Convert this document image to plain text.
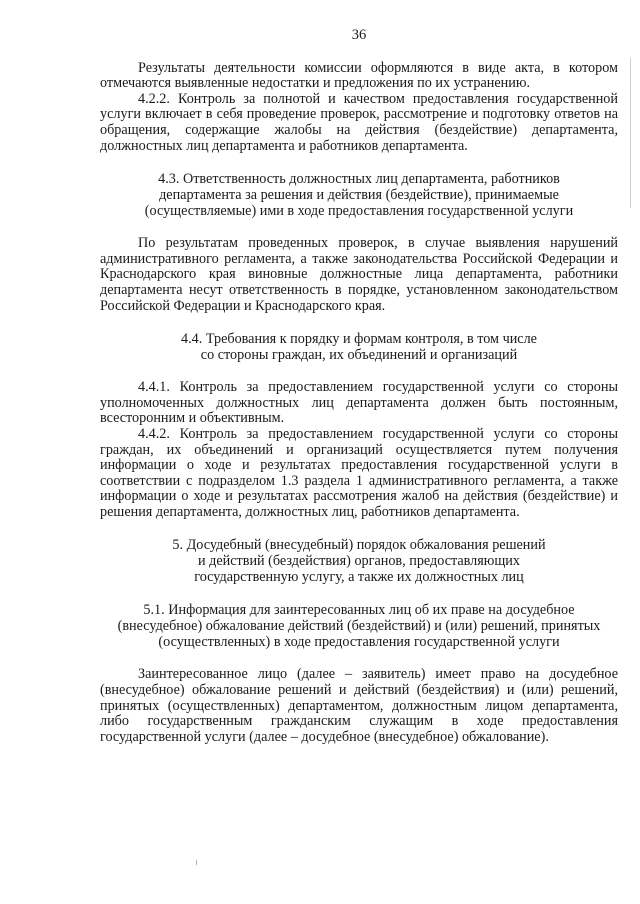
36

Результаты деятельности комиссии оформляются в виде акта, в котором отмечаются выявленные недостатки и предложения по их устранению.

4.2.2. Контроль за полнотой и качеством предоставления государственной услуги включает в себя проведение проверок, рассмотрение и подготовку ответов на обращения, содержащие жалобы на действия (бездействие) департамента, должностных лиц департамента и работников департамента.

4.3. Ответственность должностных лиц департамента, работников
департамента за решения и действия (бездействие), принимаемые
(осуществляемые) ими в ходе предоставления государственной услуги

По результатам проведенных проверок, в случае выявления нарушений административного регламента, а также законодательства Российской Федерации и Краснодарского края виновные должностные лица департамента, работники департамента несут ответственность в порядке, установленном законодательством Российской Федерации и Краснодарского края.

4.4. Требования к порядку и формам контроля, в том числе
со стороны граждан, их объединений и организаций

4.4.1. Контроль за предоставлением государственной услуги со стороны уполномоченных должностных лиц департамента должен быть постоянным, всесторонним и объективным.

4.4.2. Контроль за предоставлением государственной услуги со стороны граждан, их объединений и организаций осуществляется путем получения информации о ходе и результатах предоставления государственной услуги в соответствии с подразделом 1.3 раздела 1 административного регламента, а также информации о ходе и результатах рассмотрения жалоб на действия (бездействие) и решения департамента, должностных лиц, работников департамента.

5. Досудебный (внесудебный) порядок обжалования решений
и действий (бездействия) органов, предоставляющих
государственную услугу, а также их должностных лиц
5.1. Информация для заинтересованных лиц об их праве на досудебное
(внесудебное) обжалование действий (бездействий) и (или) решений, принятых
(осуществленных) в ходе предоставления государственной услуги

Заинтересованное лицо (далее – заявитель) имеет право на досудебное (внесудебное) обжалование решений и действий (бездействия) и (или) решений, принятых (осуществленных) департаментом, должностным лицом департамента, либо государственным гражданским служащим в ходе предоставления государственной услуги (далее – досудебное (внесудебное) обжалование).
